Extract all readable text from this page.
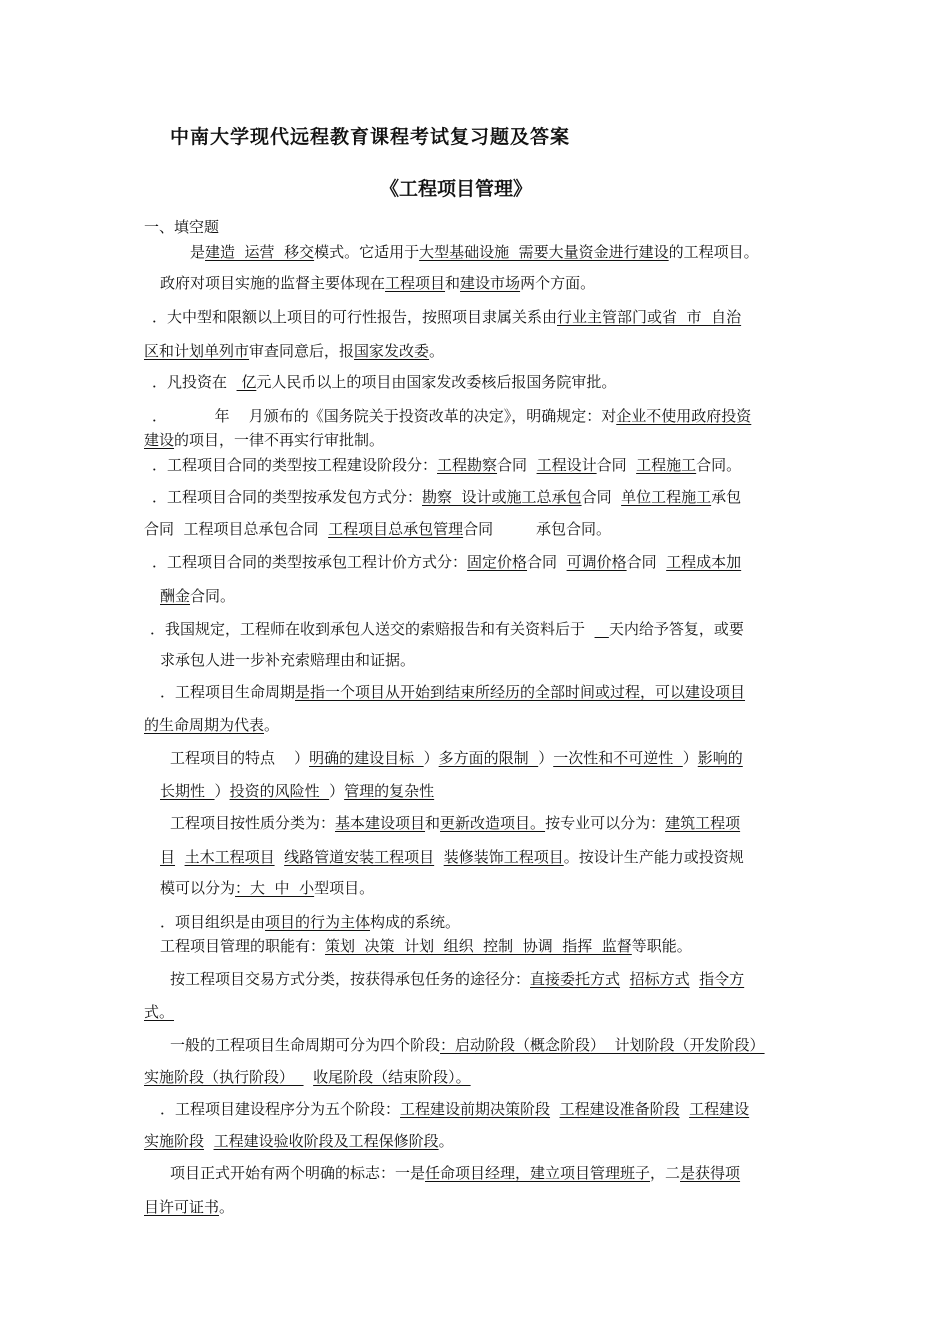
中南大学现代远程教育课程考试复习题及答案
《工程项目管理》
一、填空题
是建造  运营  移交模式。它适用于大型基础设施  需要大量资金进行建设的工程项目。
政府对项目实施的监督主要体现在工程项目和建设市场两个方面。
．大中型和限额以上项目的可行性报告，按照项目隶属关系由行业主管部门或省  市  自治
区和计划单列市审查同意后，报国家发改委。
．凡投资在   亿元人民币以上的项目由国家发改委核后报国务院审批。
．          年    月颁布的《国务院关于投资改革的决定》，明确规定：对企业不使用政府投资
建设的项目，一律不再实行审批制。
．工程项目合同的类型按工程建设阶段分：工程勘察合同  工程设计合同  工程施工合同。
．工程项目合同的类型按承发包方式分：勘察  设计或施工总承包合同  单位工程施工承包
合同  工程项目总承包合同  工程项目总承包管理合同         承包合同。
．工程项目合同的类型按承包工程计价方式分：固定价格合同  可调价格合同  工程成本加
酬金合同。
．我国规定，工程师在收到承包人送交的索赔报告和有关资料后于     天内给予答复，或要
求承包人进一步补充索赔理由和证据。
．工程项目生命周期是指一个项目从开始到结束所经历的全部时间或过程，可以建设项目
的生命周期为代表。
工程项目的特点    ）明确的建设目标  ）多方面的限制  ）一次性和不可逆性  ）影响的
长期性  ）投资的风险性  ）管理的复杂性
工程项目按性质分类为：基本建设项目和更新改造项目。按专业可以分为：建筑工程项
目 土木工程项目 线路管道安装工程项目 装修装饰工程项目。按设计生产能力或投资规
模可以分为：大  中  小型项目。
．项目组织是由项目的行为主体构成的系统。
工程项目管理的职能有：策划  决策  计划  组织  控制  协调  指挥  监督等职能。
按工程项目交易方式分类，按获得承包任务的途径分：直接委托方式 招标方式 指令方
式。
一般的工程项目生命周期可分为四个阶段：启动阶段（概念阶段）  计划阶段（开发阶段）
实施阶段（执行阶段）    收尾阶段（结束阶段）。
．工程项目建设程序分为五个阶段：工程建设前期决策阶段 工程建设准备阶段 工程建设
实施阶段 工程建设验收阶段及工程保修阶段。
项目正式开始有两个明确的标志：一是任命项目经理，建立项目管理班子，二是获得项
目许可证书。
